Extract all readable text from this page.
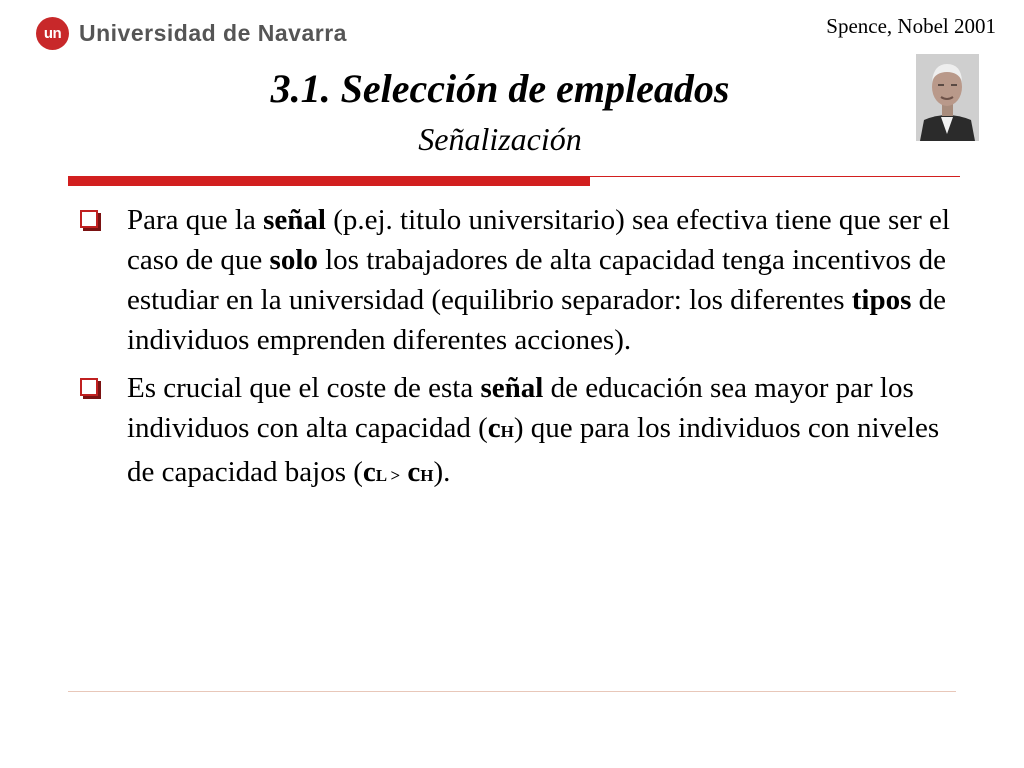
un Universidad de Navarra	Spence, Nobel 2001
3.1. Selección de empleados
Señalización
Para que la señal (p.ej. titulo universitario) sea efectiva tiene que ser el caso de que solo los trabajadores de alta capacidad tenga incentivos de estudiar en la universidad (equilibrio separador: los diferentes tipos de individuos emprenden diferentes acciones).
Es crucial que el coste de esta señal de educación sea mayor par los individuos con alta capacidad (cH) que para los individuos con niveles de capacidad bajos (cL > cH).
